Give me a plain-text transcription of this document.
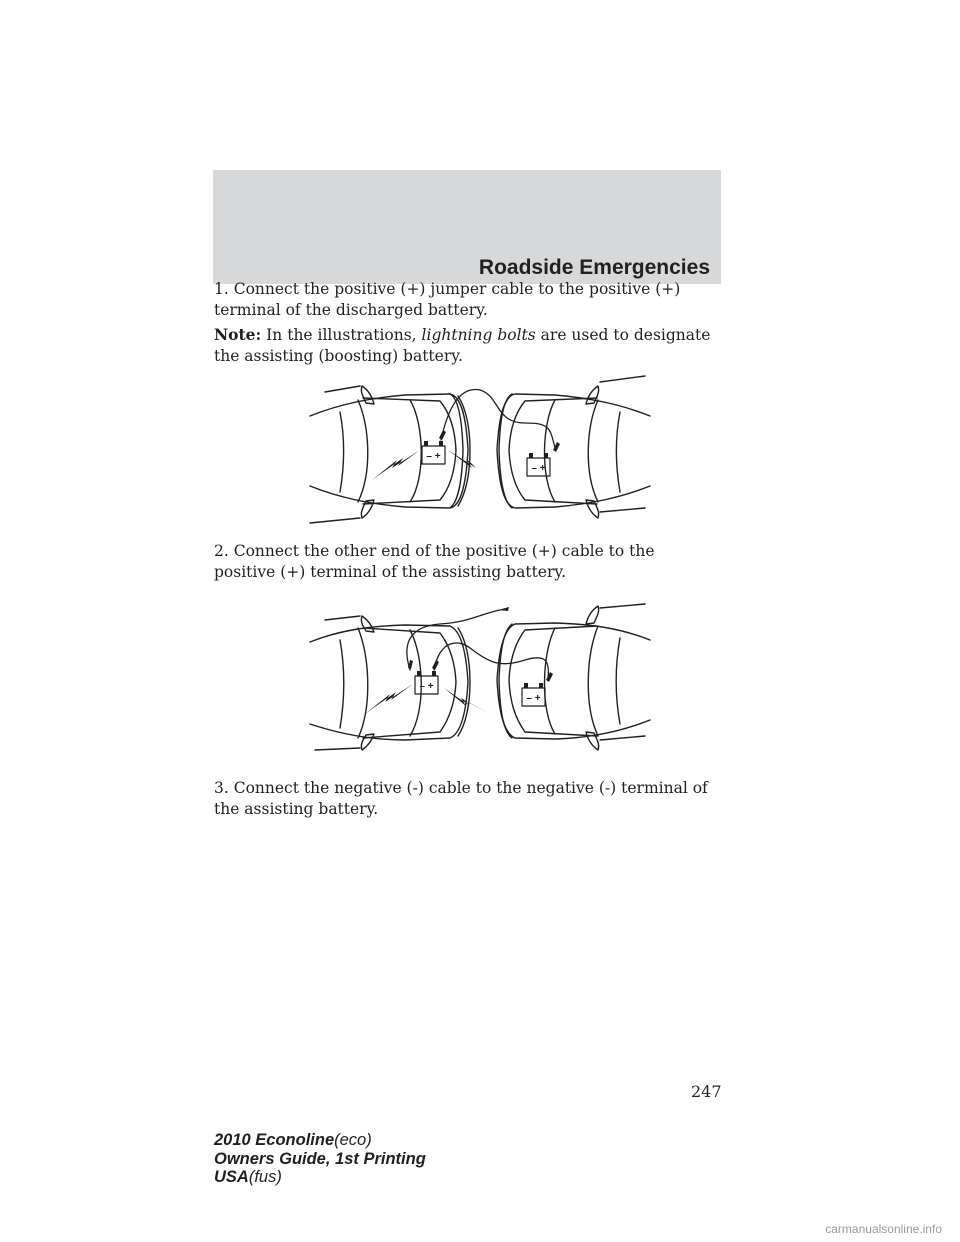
Roadside Emergencies

1. Connect the positive (+) jumper cable to the positive (+) terminal of the discharged battery.

Note: In the illustrations, lightning bolts are used to designate the assisting (boosting) battery.

– +
– +

2. Connect the other end of the positive (+) cable to the positive (+) terminal of the assisting battery.

– +
– +

3. Connect the negative (-) cable to the negative (-) terminal of the assisting battery.

247
2010 Econoline(eco)
Owners Guide, 1st Printing
USA(fus)
carmanualsonline.info
